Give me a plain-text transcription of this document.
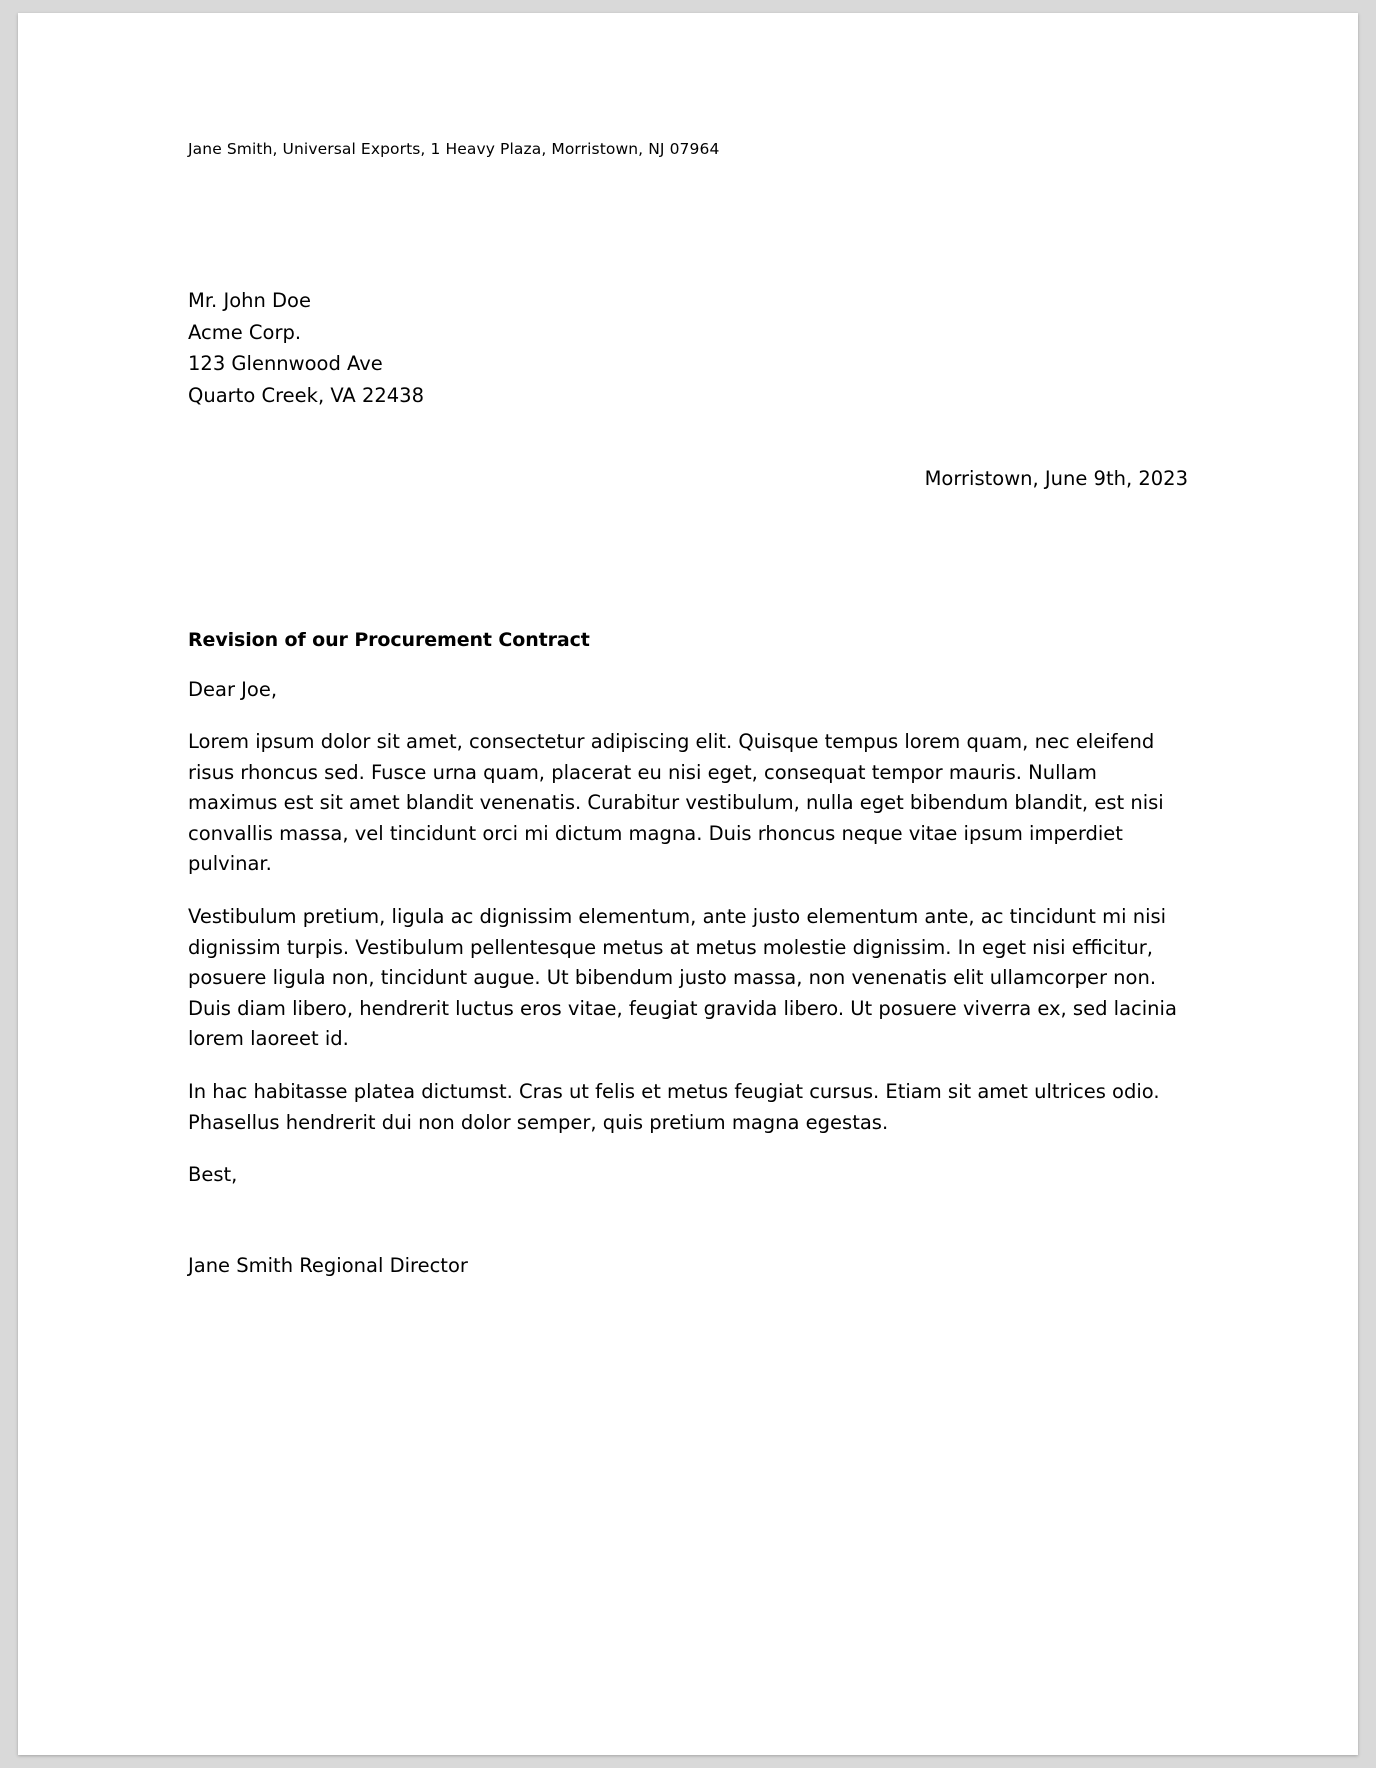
Jane Smith, Universal Exports, 1 Heavy Plaza, Morristown, NJ 07964
Mr. John Doe
Acme Corp.
123 Glennwood Ave
Quarto Creek, VA 22438
Morristown, June 9th, 2023

Revision of our Procurement Contract

Dear Joe,

Lorem ipsum dolor sit amet, consectetur adipiscing elit. Quisque tempus lorem quam, nec eleifend risus rhoncus sed. Fusce urna quam, placerat eu nisi eget, consequat tempor mauris. Nullam maximus est sit amet blandit venenatis. Curabitur vestibulum, nulla eget bibendum blandit, est nisi convallis massa, vel tincidunt orci mi dictum magna. Duis rhoncus neque vitae ipsum imperdiet pulvinar.

Vestibulum pretium, ligula ac dignissim elementum, ante justo elementum ante, ac tincidunt mi nisi dignissim turpis. Vestibulum pellentesque metus at metus molestie dignissim. In eget nisi efficitur, posuere ligula non, tincidunt augue. Ut bibendum justo massa, non venenatis elit ullamcorper non. Duis diam libero, hendrerit luctus eros vitae, feugiat gravida libero. Ut posuere viverra ex, sed lacinia lorem laoreet id.

In hac habitasse platea dictumst. Cras ut felis et metus feugiat cursus. Etiam sit amet ultrices odio. Phasellus hendrerit dui non dolor semper, quis pretium magna egestas.

Best,

Jane Smith Regional Director
